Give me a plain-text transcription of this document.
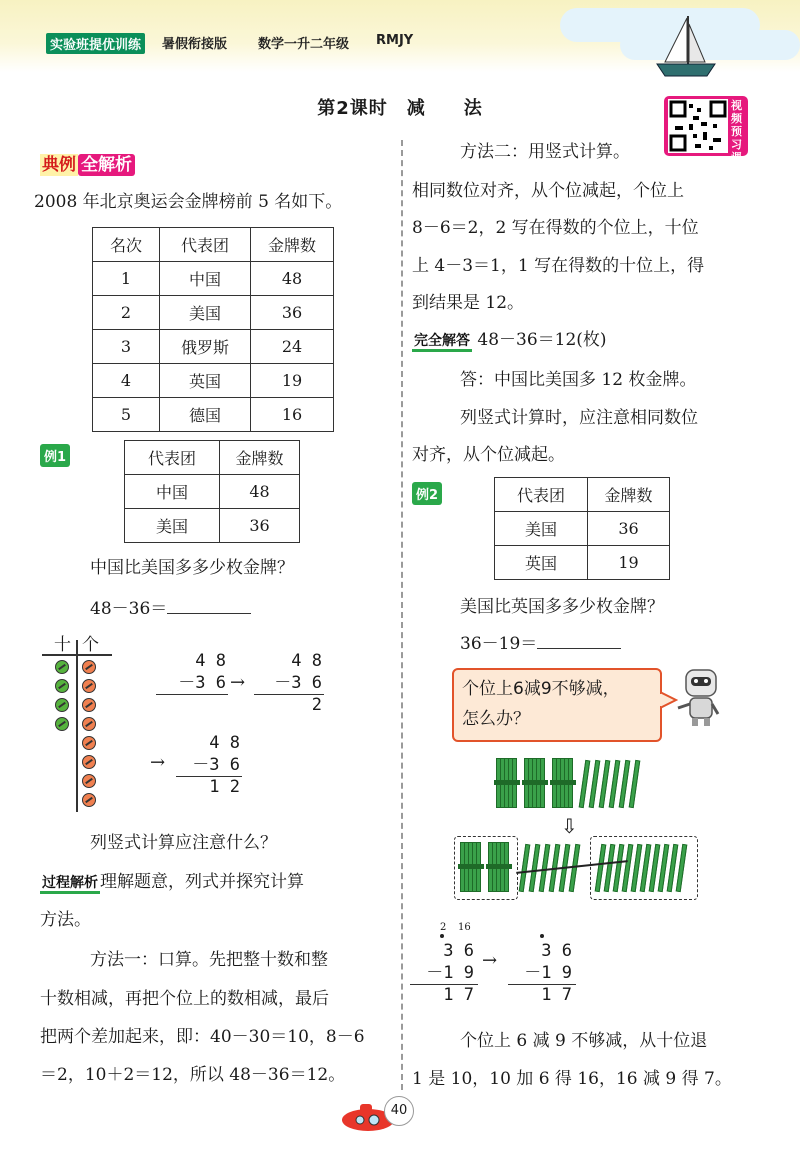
实验班提优训练	暑假衔接版 数学一升二年级 RMJY
第2课时　减　　法	视频预习课
典例 全解析
2008 年北京奥运会金牌榜前 5 名如下。
名次	代表团	金牌数
1	中国	48
2	美国	36
3	俄罗斯	24
4	英国	19
5	德国	16
例1	代表团	金牌数
中国	48
美国	36
中国比美国多多少枚金牌？
48－36＝
十 个
4 8
－3 6 →
4 8
－3 6
2
→
4 8
－3 6
1 2
列竖式计算应注意什么？
过程解析 理解题意，列式并探究计算
方法。
方法一：口算。先把整十数和整
十数相减，再把个位上的数相减，最后
把两个差加起来，即：40－30＝10，8－6
＝2，10＋2＝12，所以 48－36＝12。
方法二：用竖式计算。
相同数位对齐，从个位减起，个位上
8－6＝2，2 写在得数的个位上，十位
上 4－3＝1，1 写在得数的十位上，得
到结果是 12。
完全解答 48－36＝12(枚)
答：中国比美国多 12 枚金牌。
列竖式计算时，应注意相同数位
对齐，从个位减起。
例2	代表团	金牌数
美国	36
英国	19
美国比英国多多少枚金牌？
36－19＝
个位上6减9不够减，
怎么办？
⇩
2 16
3 6
－1 9
1 7
→	3 6
－1 9
1 7
个位上 6 减 9 不够减，从十位退
1 是 10，10 加 6 得 16，16 减 9 得 7。
40
